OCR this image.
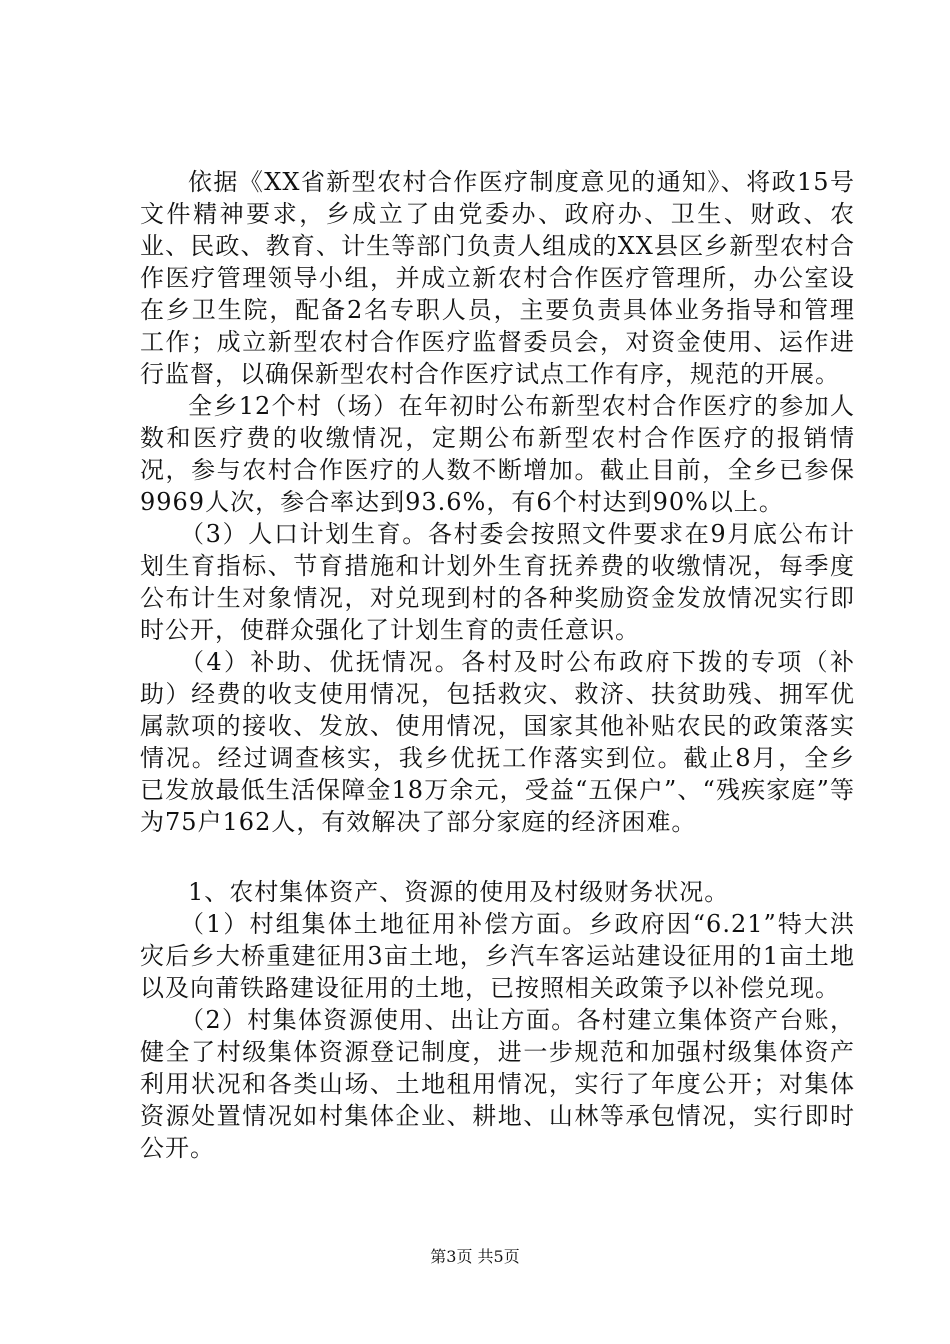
依据《XX省新型农村合作医疗制度意见的通知》、将政15号文件精神要求，乡成立了由党委办、政府办、卫生、财政、农业、民政、教育、计生等部门负责人组成的XX县区乡新型农村合作医疗管理领导小组，并成立新农村合作医疗管理所，办公室设在乡卫生院，配备2名专职人员，主要负责具体业务指导和管理工作；成立新型农村合作医疗监督委员会，对资金使用、运作进行监督，以确保新型农村合作医疗试点工作有序，规范的开展。

全乡12个村（场）在年初时公布新型农村合作医疗的参加人数和医疗费的收缴情况，定期公布新型农村合作医疗的报销情况，参与农村合作医疗的人数不断增加。截止目前，全乡已参保9969人次，参合率达到93.6%，有6个村达到90%以上。

（3）人口计划生育。各村委会按照文件要求在9月底公布计划生育指标、节育措施和计划外生育抚养费的收缴情况，每季度公布计生对象情况，对兑现到村的各种奖励资金发放情况实行即时公开，使群众强化了计划生育的责任意识。

（4）补助、优抚情况。各村及时公布政府下拨的专项（补助）经费的收支使用情况，包括救灾、救济、扶贫助残、拥军优属款项的接收、发放、使用情况，国家其他补贴农民的政策落实情况。经过调查核实，我乡优抚工作落实到位。截止8月，全乡已发放最低生活保障金18万余元，受益“五保户”、“残疾家庭”等为75户162人，有效解决了部分家庭的经济困难。

1、农村集体资产、资源的使用及村级财务状况。

（1）村组集体土地征用补偿方面。乡政府因“6.21”特大洪灾后乡大桥重建征用3亩土地，乡汽车客运站建设征用的1亩土地以及向莆铁路建设征用的土地，已按照相关政策予以补偿兑现。

（2）村集体资源使用、出让方面。各村建立集体资产台账，健全了村级集体资源登记制度，进一步规范和加强村级集体资产利用状况和各类山场、土地租用情况，实行了年度公开；对集体资源处置情况如村集体企业、耕地、山林等承包情况，实行即时公开。

第3页 共5页
